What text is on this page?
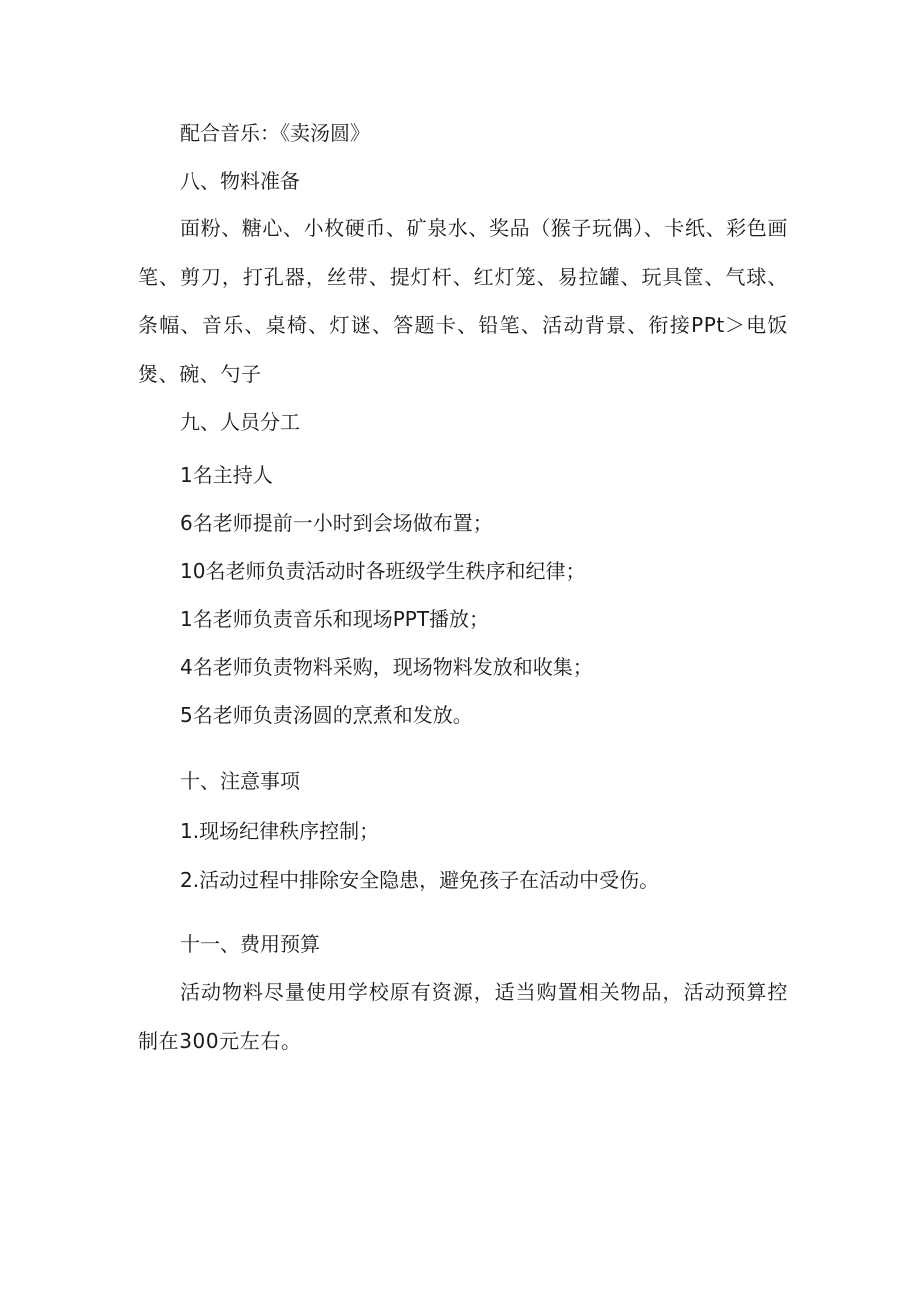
配合音乐：《卖汤圆》
八、物料准备
面粉、糖心、小枚硬币、矿泉水、奖品（猴子玩偶）、卡纸、彩色画笔、剪刀，打孔器，丝带、提灯杆、红灯笼、易拉罐、玩具筐、气球、条幅、音乐、桌椅、灯谜、答题卡、铅笔、活动背景、衔接PPt＞电饭煲、碗、勺子
九、人员分工
1名主持人
6名老师提前一小时到会场做布置；
10名老师负责活动时各班级学生秩序和纪律；
1名老师负责音乐和现场PPT播放；
4名老师负责物料采购，现场物料发放和收集；
5名老师负责汤圆的烹煮和发放。
十、注意事项
1.现场纪律秩序控制；
2.活动过程中排除安全隐患，避免孩子在活动中受伤。
十一、费用预算
活动物料尽量使用学校原有资源，适当购置相关物品，活动预算控制在300元左右。
